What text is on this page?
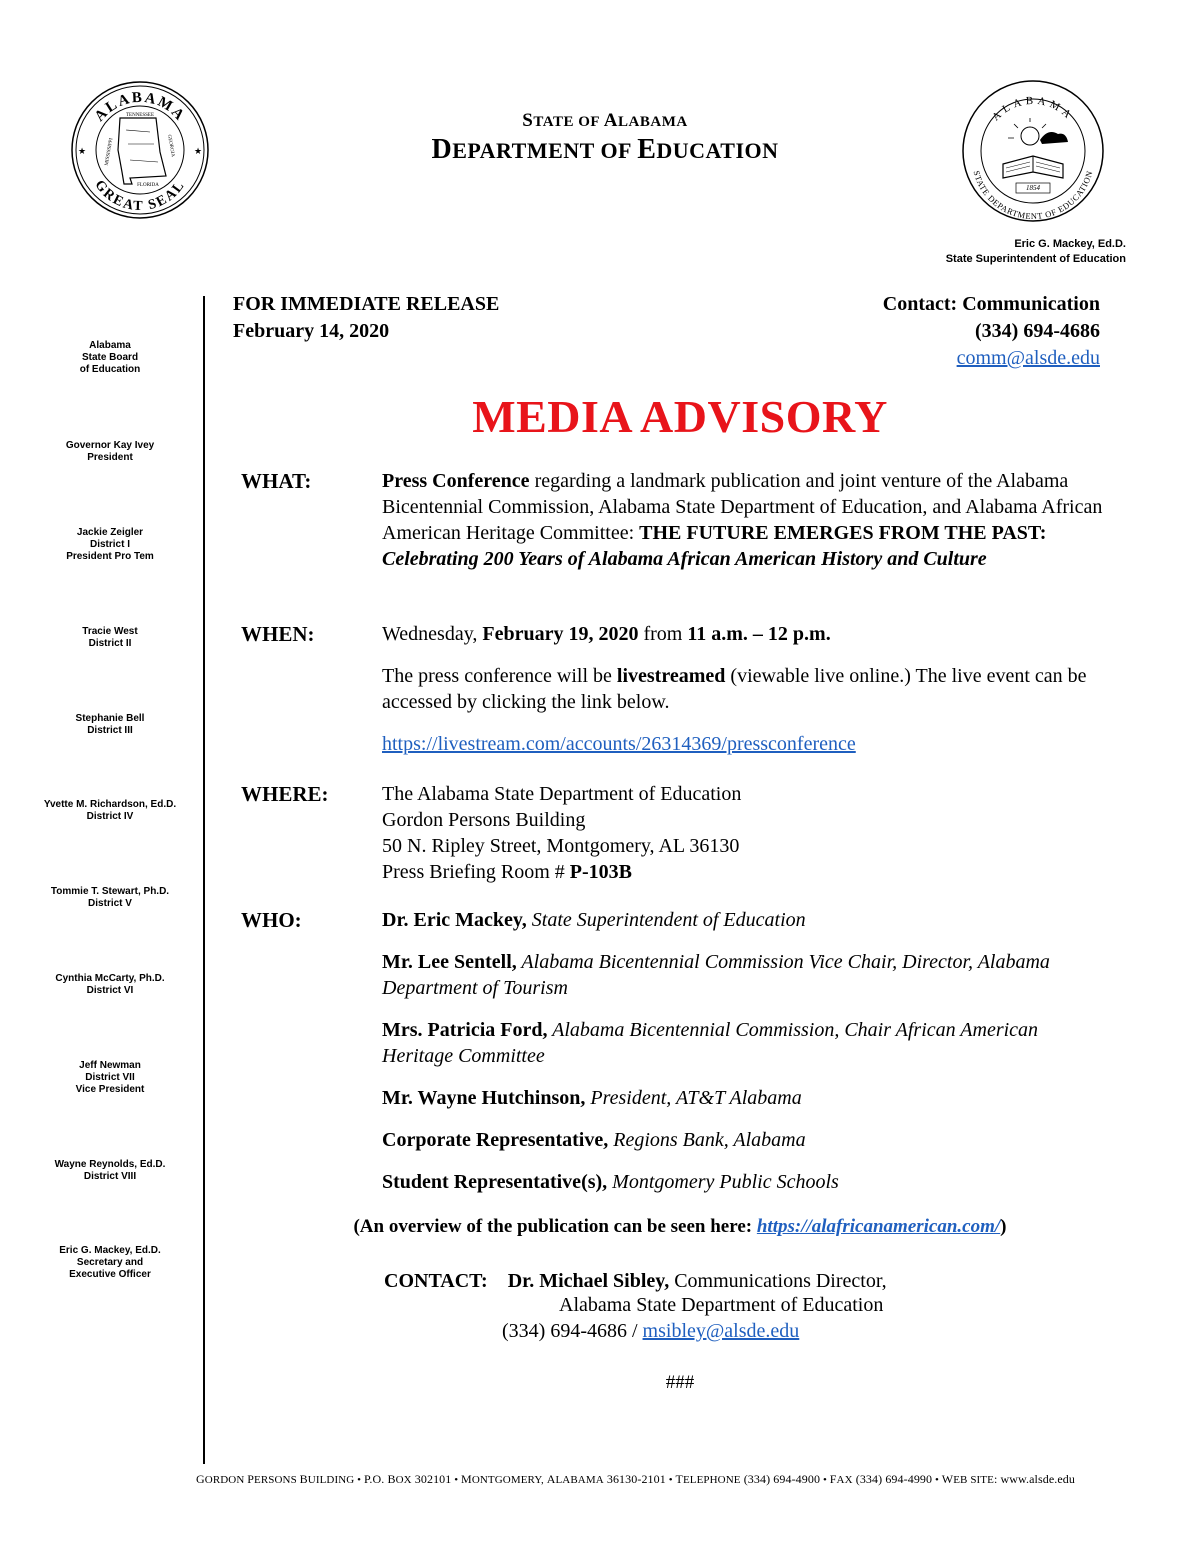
ALABAMA
GREAT SEAL
TENNESSEE
MISSISSIPPI	GEORGIA
FLORIDA
★	★
ALABAMA
STATE DEPARTMENT OF EDUCATION
1854
STATE OF ALABAMA
DEPARTMENT OF EDUCATION
Eric G. Mackey, Ed.D.
State Superintendent of Education
Alabama
State Board
of Education
Governor Kay Ivey
President
Jackie Zeigler
District I
President Pro Tem
Tracie West
District II
Stephanie Bell
District III
Yvette M. Richardson, Ed.D.
District IV
Tommie T. Stewart, Ph.D.
District V
Cynthia McCarty, Ph.D.
District VI
Jeff Newman
District VII
Vice President
Wayne Reynolds, Ed.D.
District VIII
Eric G. Mackey, Ed.D.
Secretary and
Executive Officer
FOR IMMEDIATE RELEASE
February 14, 2020
Contact: Communication
(334) 694-4686
comm@alsde.edu
MEDIA ADVISORY
WHAT:	Press Conference regarding a landmark publication and joint venture of the Alabama Bicentennial Commission, Alabama State Department of Education, and Alabama African American Heritage Committee: THE FUTURE EMERGES FROM THE PAST: Celebrating 200 Years of Alabama African American History and Culture

WHEN:	Wednesday, February 19, 2020 from 11 a.m. – 12 p.m.

The press conference will be livestreamed (viewable live online.) The live event can be accessed by clicking the link below.

https://livestream.com/accounts/26314369/pressconference

WHERE:	The Alabama State Department of Education

Gordon Persons Building

50 N. Ripley Street, Montgomery, AL 36130

Press Briefing Room # P-103B

WHO:	Dr. Eric Mackey, State Superintendent of Education

Mr. Lee Sentell, Alabama Bicentennial Commission Vice Chair, Director, Alabama Department of Tourism

Mrs. Patricia Ford, Alabama Bicentennial Commission, Chair African American Heritage Committee

Mr. Wayne Hutchinson, President, AT&T Alabama

Corporate Representative, Regions Bank, Alabama

Student Representative(s), Montgomery Public Schools

(An overview of the publication can be seen here: https://alafricanamerican.com/)
CONTACT: Dr. Michael Sibley, Communications Director,
Alabama State Department of Education
(334) 694-4686 / msibley@alsde.edu
###
GORDON PERSONS BUILDING • P.O. BOX 302101 • MONTGOMERY, ALABAMA 36130-2101 • TELEPHONE (334) 694-4900 • FAX (334) 694-4990 • WEB SITE: www.alsde.edu
